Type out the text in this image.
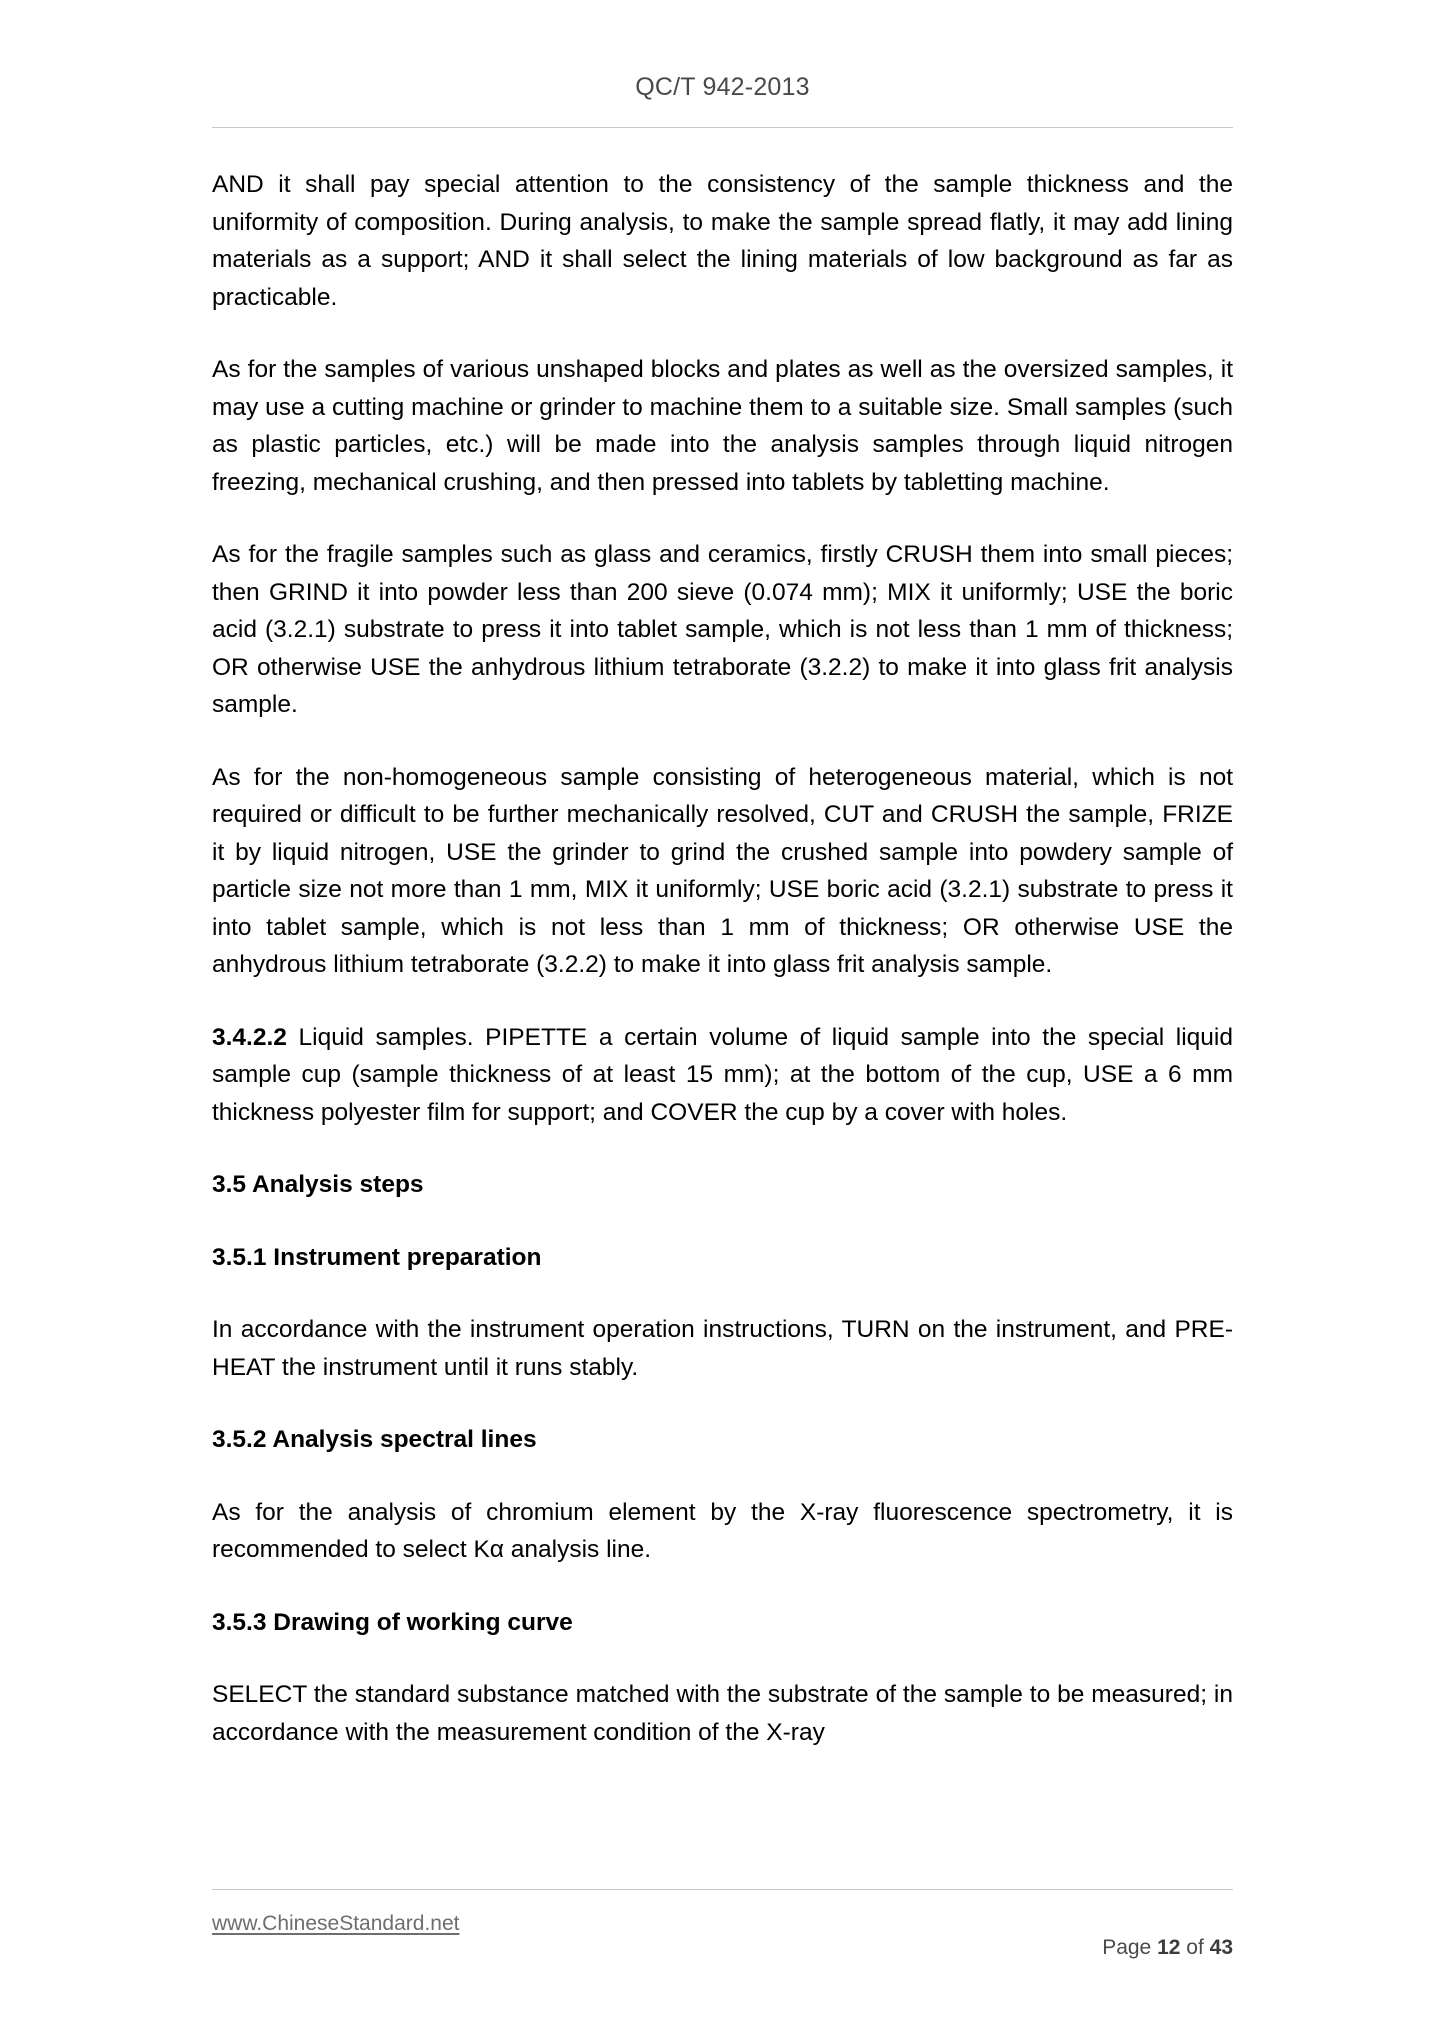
QC/T 942-2013

AND it shall pay special attention to the consistency of the sample thickness and the uniformity of composition. During analysis, to make the sample spread flatly, it may add lining materials as a support; AND it shall select the lining materials of low background as far as practicable.

As for the samples of various unshaped blocks and plates as well as the oversized samples, it may use a cutting machine or grinder to machine them to a suitable size. Small samples (such as plastic particles, etc.) will be made into the analysis samples through liquid nitrogen freezing, mechanical crushing, and then pressed into tablets by tabletting machine.

As for the fragile samples such as glass and ceramics, firstly CRUSH them into small pieces; then GRIND it into powder less than 200 sieve (0.074 mm); MIX it uniformly; USE the boric acid (3.2.1) substrate to press it into tablet sample, which is not less than 1 mm of thickness; OR otherwise USE the anhydrous lithium tetraborate (3.2.2) to make it into glass frit analysis sample.

As for the non-homogeneous sample consisting of heterogeneous material, which is not required or difficult to be further mechanically resolved, CUT and CRUSH the sample, FRIZE it by liquid nitrogen, USE the grinder to grind the crushed sample into powdery sample of particle size not more than 1 mm, MIX it uniformly; USE boric acid (3.2.1) substrate to press it into tablet sample, which is not less than 1 mm of thickness; OR otherwise USE the anhydrous lithium tetraborate (3.2.2) to make it into glass frit analysis sample.

3.4.2.2 Liquid samples. PIPETTE a certain volume of liquid sample into the special liquid sample cup (sample thickness of at least 15 mm); at the bottom of the cup, USE a 6 mm thickness polyester film for support; and COVER the cup by a cover with holes.

3.5 Analysis steps
3.5.1 Instrument preparation

In accordance with the instrument operation instructions, TURN on the instrument, and PRE-HEAT the instrument until it runs stably.

3.5.2 Analysis spectral lines

As for the analysis of chromium element by the X-ray fluorescence spectrometry, it is recommended to select Kα analysis line.

3.5.3 Drawing of working curve

SELECT the standard substance matched with the substrate of the sample to be measured; in accordance with the measurement condition of the X-ray

www.ChineseStandard.net

Page 12 of 43
